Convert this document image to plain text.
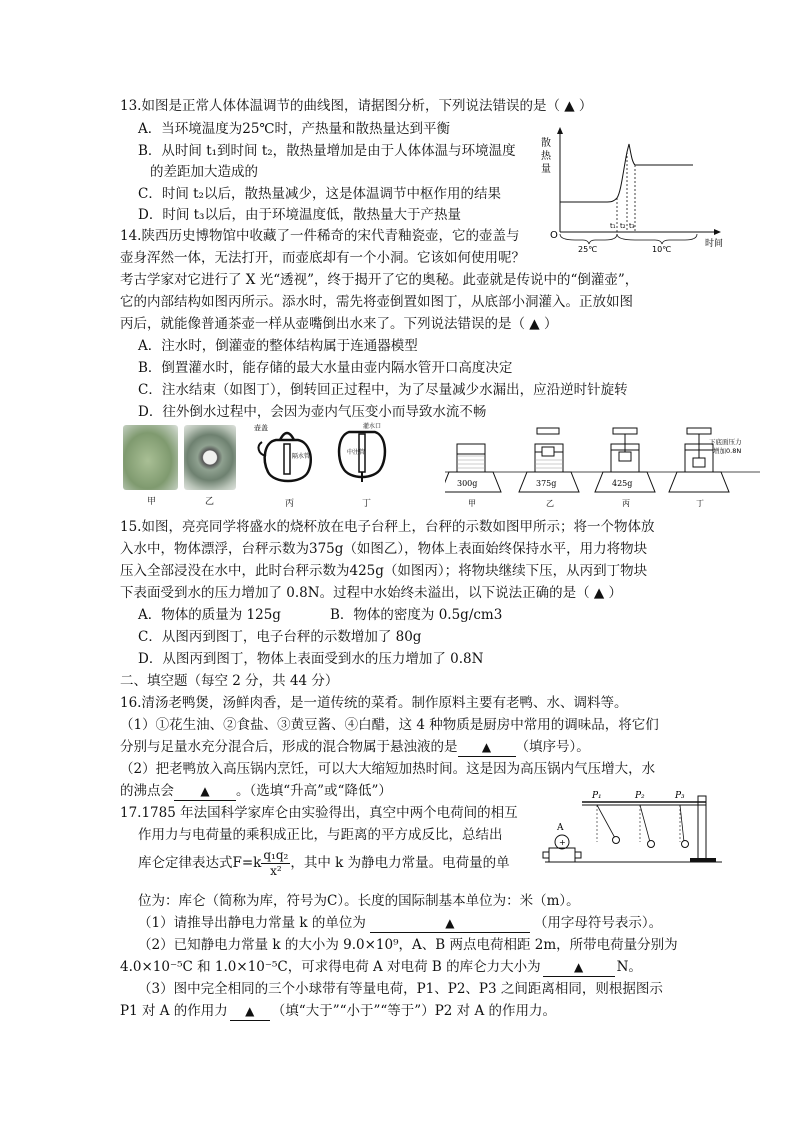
13.如图是正常人体体温调节的曲线图，请据图分析，下列说法错误的是（ ▲ ）
A．当环境温度为25℃时，产热量和散热量达到平衡
B．从时间 t₁到时间 t₂，散热量增加是由于人体体温与环境温度
的差距加大造成的
C．时间 t₂以后，散热量减少，这是体温调节中枢作用的结果
D．时间 t₃以后，由于环境温度低，散热量大于产热量
散
热
量
O
时间
t₁ t₂ t₃
25℃	10℃
14.陕西历史博物馆中收藏了一件稀奇的宋代青釉瓷壶，它的壶盖与
壶身浑然一体，无法打开，而壶底却有一个小洞。它该如何使用呢？
考古学家对它进行了 X 光“透视”，终于揭开了它的奥秘。此壶就是传说中的“倒灌壶”，
它的内部结构如图丙所示。添水时，需先将壶倒置如图丁，从底部小洞灌入。正放如图
丙后，就能像普通茶壶一样从壶嘴倒出水来了。下列说法错误的是（ ▲ ）
A．注水时，倒灌壶的整体结构属于连通器模型
B．倒置灌水时，能存储的最大水量由壶内隔水管开口高度决定
C．注水结束（如图丁），倒转回正过程中，为了尽量减少水漏出，应沿逆时针旋转
D．往外倒水过程中，会因为壶内气压变小而导致水流不畅
甲	乙
壶盖
隔水管
灌水口
中注管
丙	丁
300g	375g	425g
下底面压力
增加0.8N
甲	乙	丙	丁
15.如图，亮亮同学将盛水的烧杯放在电子台秤上，台秤的示数如图甲所示；将一个物体放
入水中，物体漂浮，台秤示数为375g（如图乙），物体上表面始终保持水平，用力将物块
压入全部浸没在水中，此时台秤示数为425g（如图丙）；将物块继续下压，从丙到丁物块
下表面受到水的压力增加了 0.8N。过程中水始终未溢出，以下说法正确的是（ ▲ ）
A．物体的质量为 125g	B．物体的密度为 0.5g/cm3
C．从图丙到图丁，电子台秤的示数增加了 80g
D．从图丙到图丁，物体上表面受到水的压力增加了 0.8N
二、填空题（每空 2 分，共 44 分）
16.清汤老鸭煲，汤鲜肉香，是一道传统的菜肴。制作原料主要有老鸭、水、调料等。
（1）①花生油、②食盐、③黄豆酱、④白醋，这 4 种物质是厨房中常用的调味品，将它们
分别与足量水充分混合后，形成的混合物属于悬浊液的是 ▲ （填序号）。
（2）把老鸭放入高压锅内烹饪，可以大大缩短加热时间。这是因为高压锅内气压增大，水
的沸点会 ▲ 。（选填“升高”或“降低”）
17.1785 年法国科学家库仑由实验得出，真空中两个电荷间的相互
作用力与电荷量的乘积成正比，与距离的平方成反比，总结出
库仑定律表达式$F=k \frac{\text{q₁q₂}}{\text{x²}}$ ，其中 k 为静电力常量。电荷量的单
+
A
P₁	P₂	P₃
位为：库仑（简称为库，符号为C）。长度的国际制基本单位为：米（m）。
（1）请推导出静电力常量 k 的单位为	▲	（用字母符号表示）。
（2）已知静电力常量 k 的大小为 9.0×10⁹，A、B 两点电荷相距 2m，所带电荷量分别为
4.0×10⁻⁵C 和 1.0×10⁻⁵C，可求得电荷 A 对电荷 B 的库仑力大小为	▲ N。
（3）图中完全相同的三个小球带有等量电荷，P1、P2、P3 之间距离相同，则根据图示
P1 对 A 的作用力 ▲ （填“大于”“小于”“等于”）P2 对 A 的作用力。
